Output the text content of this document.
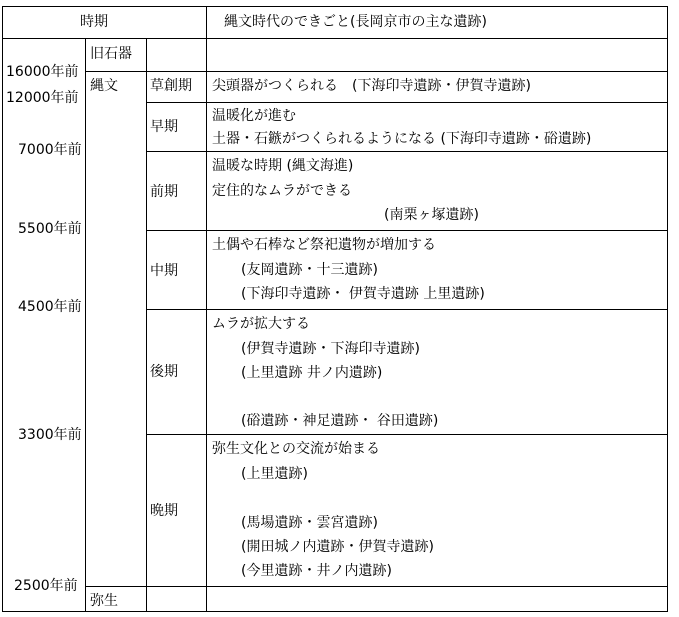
時期	縄文時代のできごと(長岡京市の主な遺跡)
16000年前
12000年前
7000年前
5500年前
4500年前
3300年前
2500年前
旧石器
縄文
弥生
草創期
早期
前期
中期
後期
晩期
尖頭器がつくられる　(下海印寺遺跡・伊賀寺遺跡)
温暖化が進む
土器・石鏃がつくられるようになる (下海印寺遺跡・硲遺跡)
温暖な時期 (縄文海進)
定住的なムラができる
(南栗ヶ塚遺跡)
土偶や石棒など祭祀遺物が増加する
(友岡遺跡・十三遺跡)
(下海印寺遺跡・ 伊賀寺遺跡 上里遺跡)
ムラが拡大する
(伊賀寺遺跡・下海印寺遺跡)
(上里遺跡 井ノ内遺跡)
(硲遺跡・神足遺跡・ 谷田遺跡)
弥生文化との交流が始まる
(上里遺跡)
(馬場遺跡・雲宮遺跡)
(開田城ノ内遺跡・伊賀寺遺跡)
(今里遺跡・井ノ内遺跡)
